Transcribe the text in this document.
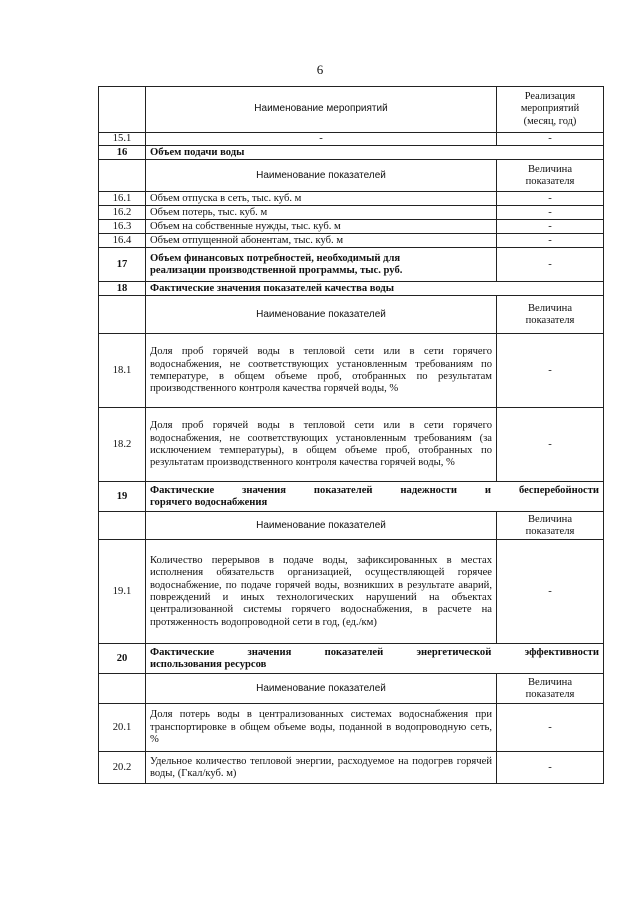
6
	Наименование мероприятий	Реализация
мероприятий
(месяц, год)

15.1	-	-
16	Объем подачи воды	
	Наименование показателей	Величина
показателя

16.1	Объем отпуска в сеть, тыс. куб. м	-
16.2	Объем потерь, тыс. куб. м	-
16.3	Объем на собственные нужды, тыс. куб. м	-
16.4	Объем отпущенной абонентам, тыс. куб. м	-
17	Объем финансовых потребностей, необходимый для
реализации производственной программы, тыс. руб.	-
18	Фактические значения показателей качества воды	
	Наименование показателей	Величина
показателя

18.1	Доля проб горячей воды в тепловой сети или в сети горячего водоснабжения, не соответствующих установленным требованиям по температуре, в общем объеме проб, отобранных по результатам производственного контроля качества горячей воды, %	-
18.2	Доля проб горячей воды в тепловой сети или в сети горячего водоснабжения, не соответствующих установленным требованиям (за исключением температуры), в общем объеме проб, отобранных по результатам производственного контроля качества горячей воды, %	-
19	Фактические значения показателей надежности и бесперебойности
горячего водоснабжения	

	Наименование показателей	Величина
показателя

19.1	Количество перерывов в подаче воды, зафиксированных в местах исполнения обязательств организацией, осуществляющей горячее водоснабжение, по подаче горячей воды, возникших в результате аварий, повреждений и иных технологических нарушений на объектах централизованной системы горячего водоснабжения, в расчете на протяженность водопроводной сети в год, (ед./км)	-
20	Фактические значения показателей энергетической эффективности
использования ресурсов	

	Наименование показателей	Величина
показателя

20.1	Доля потерь воды в централизованных системах водоснабжения при транспортировке в общем объеме воды, поданной в водопроводную сеть, %	-
20.2	Удельное количество тепловой энергии, расходуемое на подогрев горячей воды, (Гкал/куб. м)	-
